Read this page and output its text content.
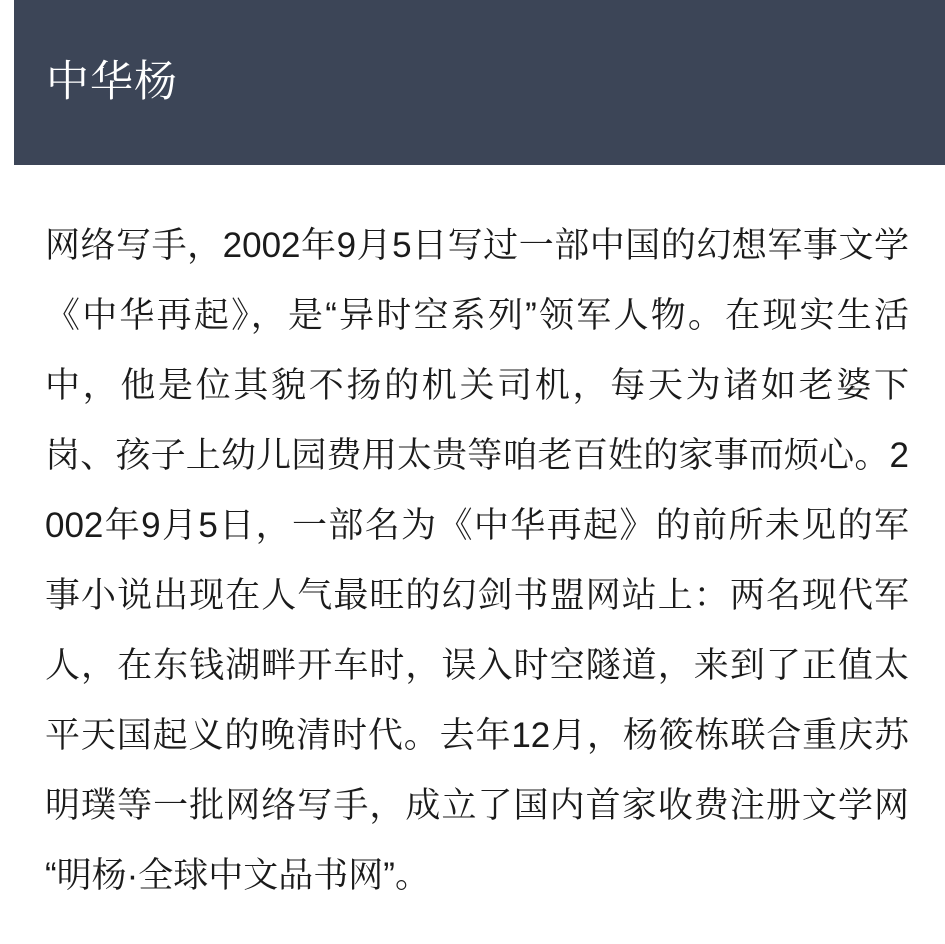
中华杨

网络写手，2002年9月5日写过一部中国的幻想军事文学《中华再起》，是“异时空系列”领军人物。在现实生活中，他是位其貌不扬的机关司机，每天为诸如老婆下岗、孩子上幼儿园费用太贵等咱老百姓的家事而烦心。2002年9月5日，一部名为《中华再起》的前所未见的军事小说出现在人气最旺的幻剑书盟网站上：两名现代军人，在东钱湖畔开车时，误入时空隧道，来到了正值太平天国起义的晚清时代。去年12月，杨筱栋联合重庆苏明璞等一批网络写手，成立了国内首家收费注册文学网“明杨·全球中文品书网”。
